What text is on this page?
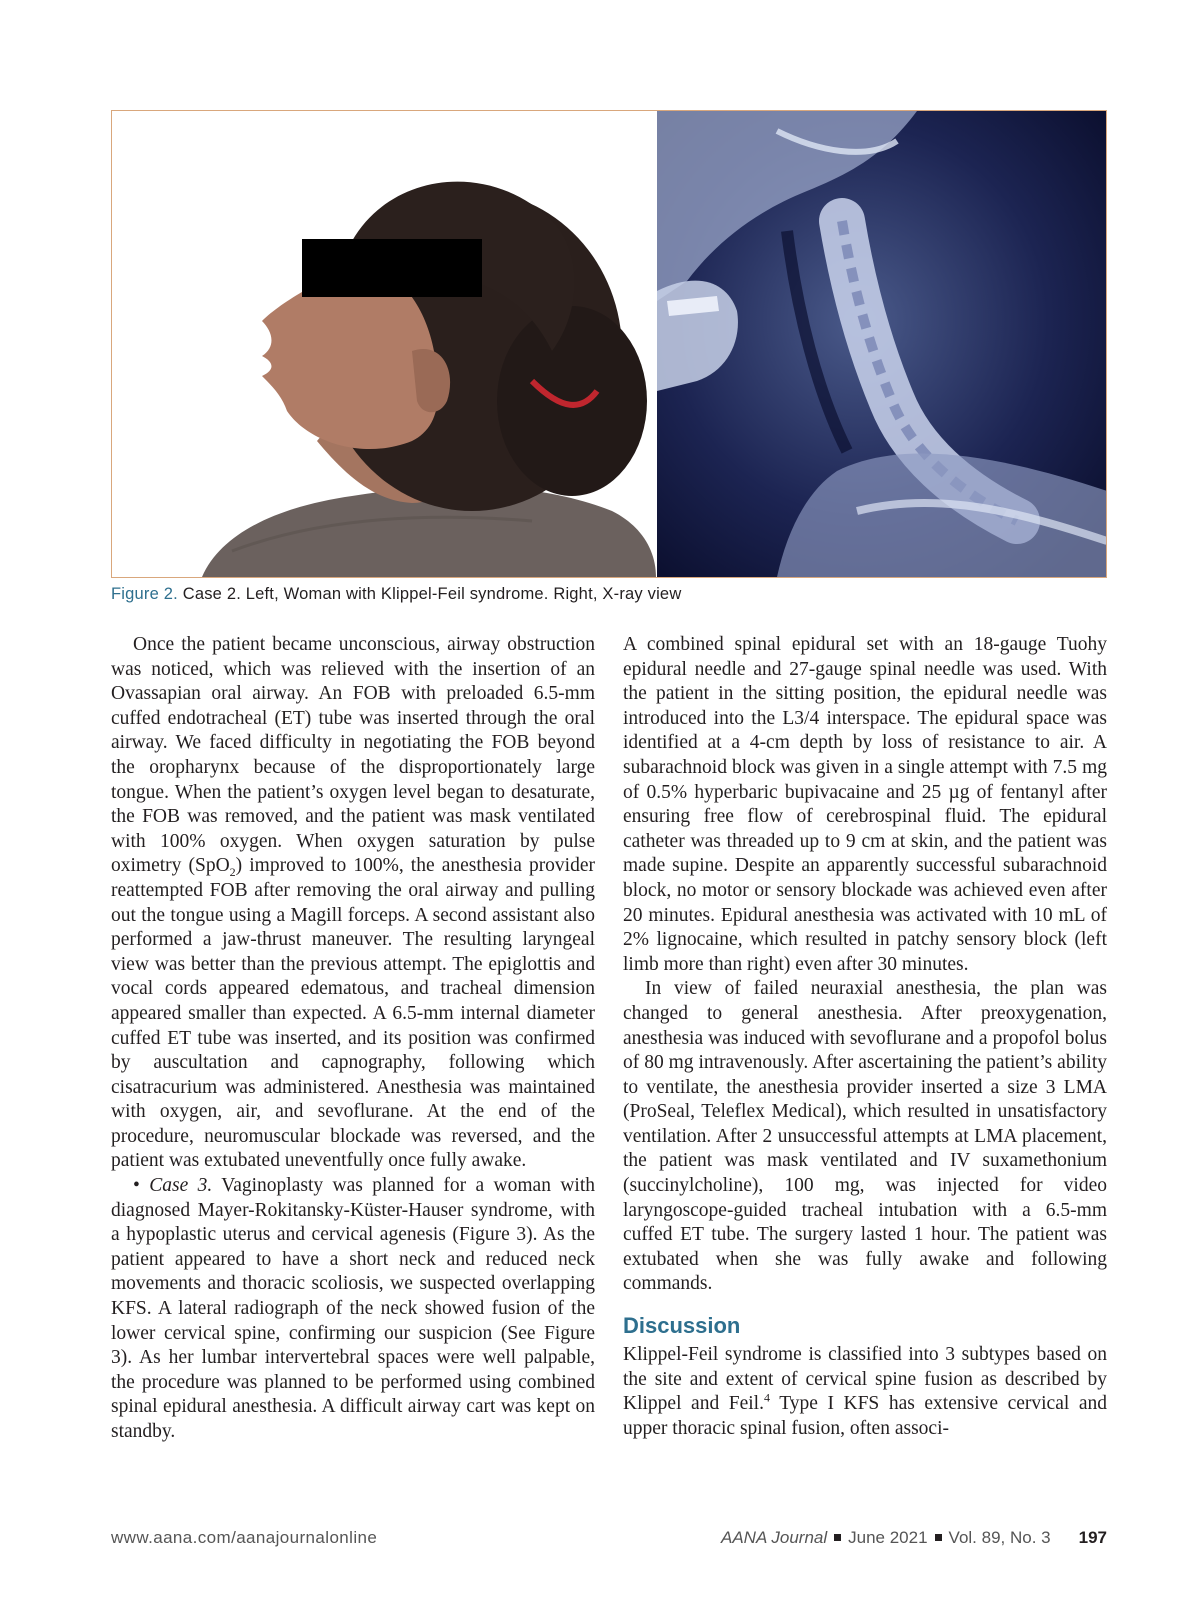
Figure 2. Case 2. Left, Woman with Klippel-Feil syndrome. Right, X-ray view

Once the patient became unconscious, airway obstruction was noticed, which was relieved with the insertion of an Ovassapian oral airway. An FOB with preloaded 6.5-mm cuffed endotracheal (ET) tube was inserted through the oral airway. We faced difficulty in negotiating the FOB beyond the oropharynx because of the disproportionately large tongue. When the patient’s oxygen level began to desaturate, the FOB was removed, and the patient was mask ventilated with 100% oxygen. When oxygen saturation by pulse oximetry (SpO$_2$) improved to 100%, the anesthesia provider reattempted FOB after removing the oral airway and pulling out the tongue using a Magill forceps. A second assistant also performed a jaw-thrust maneuver. The resulting laryngeal view was better than the previous attempt. The epiglottis and vocal cords appeared edematous, and tracheal dimension appeared smaller than expected. A 6.5-mm internal diameter cuffed ET tube was inserted, and its position was confirmed by auscultation and capnography, following which cisatracurium was administered. Anesthesia was maintained with oxygen, air, and sevoflurane. At the end of the procedure, neuromuscular blockade was reversed, and the patient was extubated uneventfully once fully awake.

• Case 3. Vaginoplasty was planned for a woman with diagnosed Mayer-Rokitansky-Küster-Hauser syndrome, with a hypoplastic uterus and cervical agenesis (Figure 3). As the patient appeared to have a short neck and reduced neck movements and thoracic scoliosis, we suspected overlapping KFS. A lateral radiograph of the neck showed fusion of the lower cervical spine, confirming our suspicion (See Figure 3). As her lumbar intervertebral spaces were well palpable, the procedure was planned to be performed using combined spinal epidural anesthesia. A difficult airway cart was kept on standby.

A combined spinal epidural set with an 18-gauge Tuohy epidural needle and 27-gauge spinal needle was used. With the patient in the sitting position, the epidural needle was introduced into the L3/4 interspace. The epidural space was identified at a 4-cm depth by loss of resistance to air. A subarachnoid block was given in a single attempt with 7.5 mg of 0.5% hyperbaric bupivacaine and 25 µg of fentanyl after ensuring free flow of cerebrospinal fluid. The epidural catheter was threaded up to 9 cm at skin, and the patient was made supine. Despite an apparently successful subarachnoid block, no motor or sensory blockade was achieved even after 20 minutes. Epidural anesthesia was activated with 10 mL of 2% lignocaine, which resulted in patchy sensory block (left limb more than right) even after 30 minutes.

In view of failed neuraxial anesthesia, the plan was changed to general anesthesia. After preoxygenation, anesthesia was induced with sevoflurane and a propofol bolus of 80 mg intravenously. After ascertaining the patient’s ability to ventilate, the anesthesia provider inserted a size 3 LMA (ProSeal, Teleflex Medical), which resulted in unsatisfactory ventilation. After 2 unsuccessful attempts at LMA placement, the patient was mask ventilated and IV suxamethonium (succinylcholine), 100 mg, was injected for video laryngoscope-guided tracheal intubation with a 6.5-mm cuffed ET tube. The surgery lasted 1 hour. The patient was extubated when she was fully awake and following commands.

Discussion

Klippel-Feil syndrome is classified into 3 subtypes based on the site and extent of cervical spine fusion as described by Klippel and Feil.$^4$ Type I KFS has extensive cervical and upper thoracic spinal fusion, often associ-

www.aana.com/aanajournalonline	AANA Journal June 2021 Vol. 89, No. 3 197
